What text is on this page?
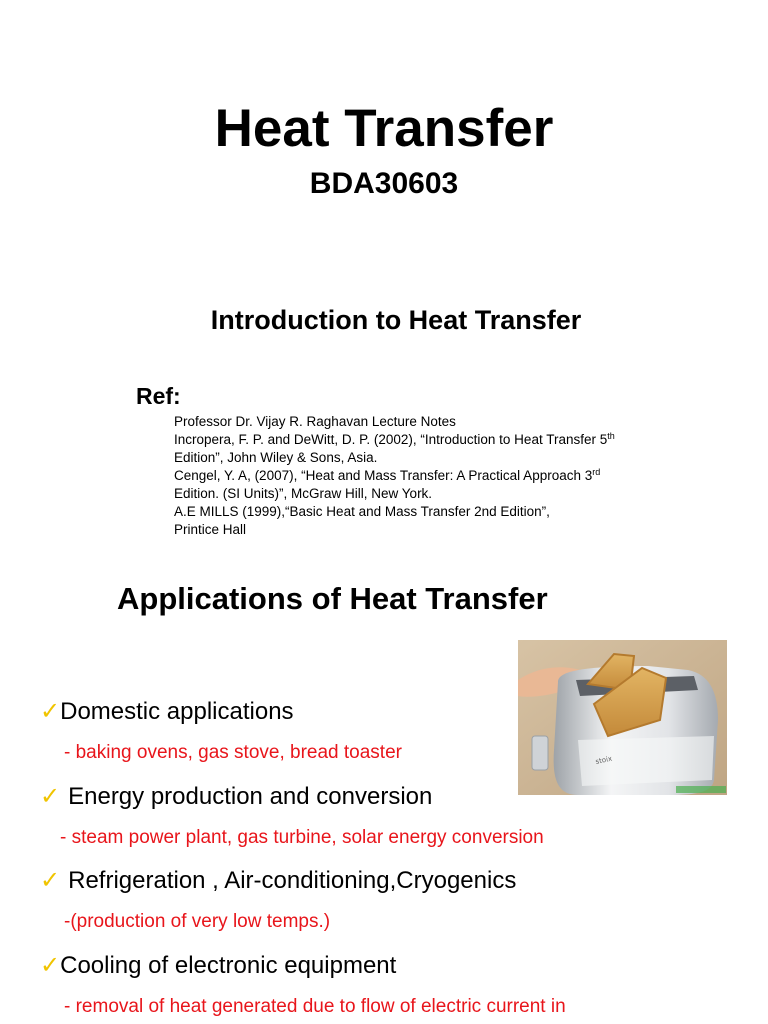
Heat Transfer
BDA30603
Introduction to Heat Transfer
Ref:
Professor Dr. Vijay R. Raghavan Lecture Notes
Incropera, F. P. and DeWitt, D. P. (2002), “Introduction to Heat Transfer 5th
Edition”, John Wiley & Sons, Asia.
Cengel, Y. A, (2007), “Heat and Mass Transfer: A Practical Approach 3rd
Edition. (SI Units)”, McGraw Hill, New York.
A.E MILLS (1999),“Basic Heat and Mass Transfer 2nd Edition”,
Printice Hall
Applications of Heat Transfer
✓Domestic applications
- baking ovens, gas stove, bread toaster
✓ Energy production and conversion
- steam power plant, gas turbine, solar energy conversion
✓ Refrigeration , Air-conditioning,Cryogenics
-(production of very low temps.)
✓Cooling of electronic equipment
- removal of heat generated due to flow of electric current in
stoix
